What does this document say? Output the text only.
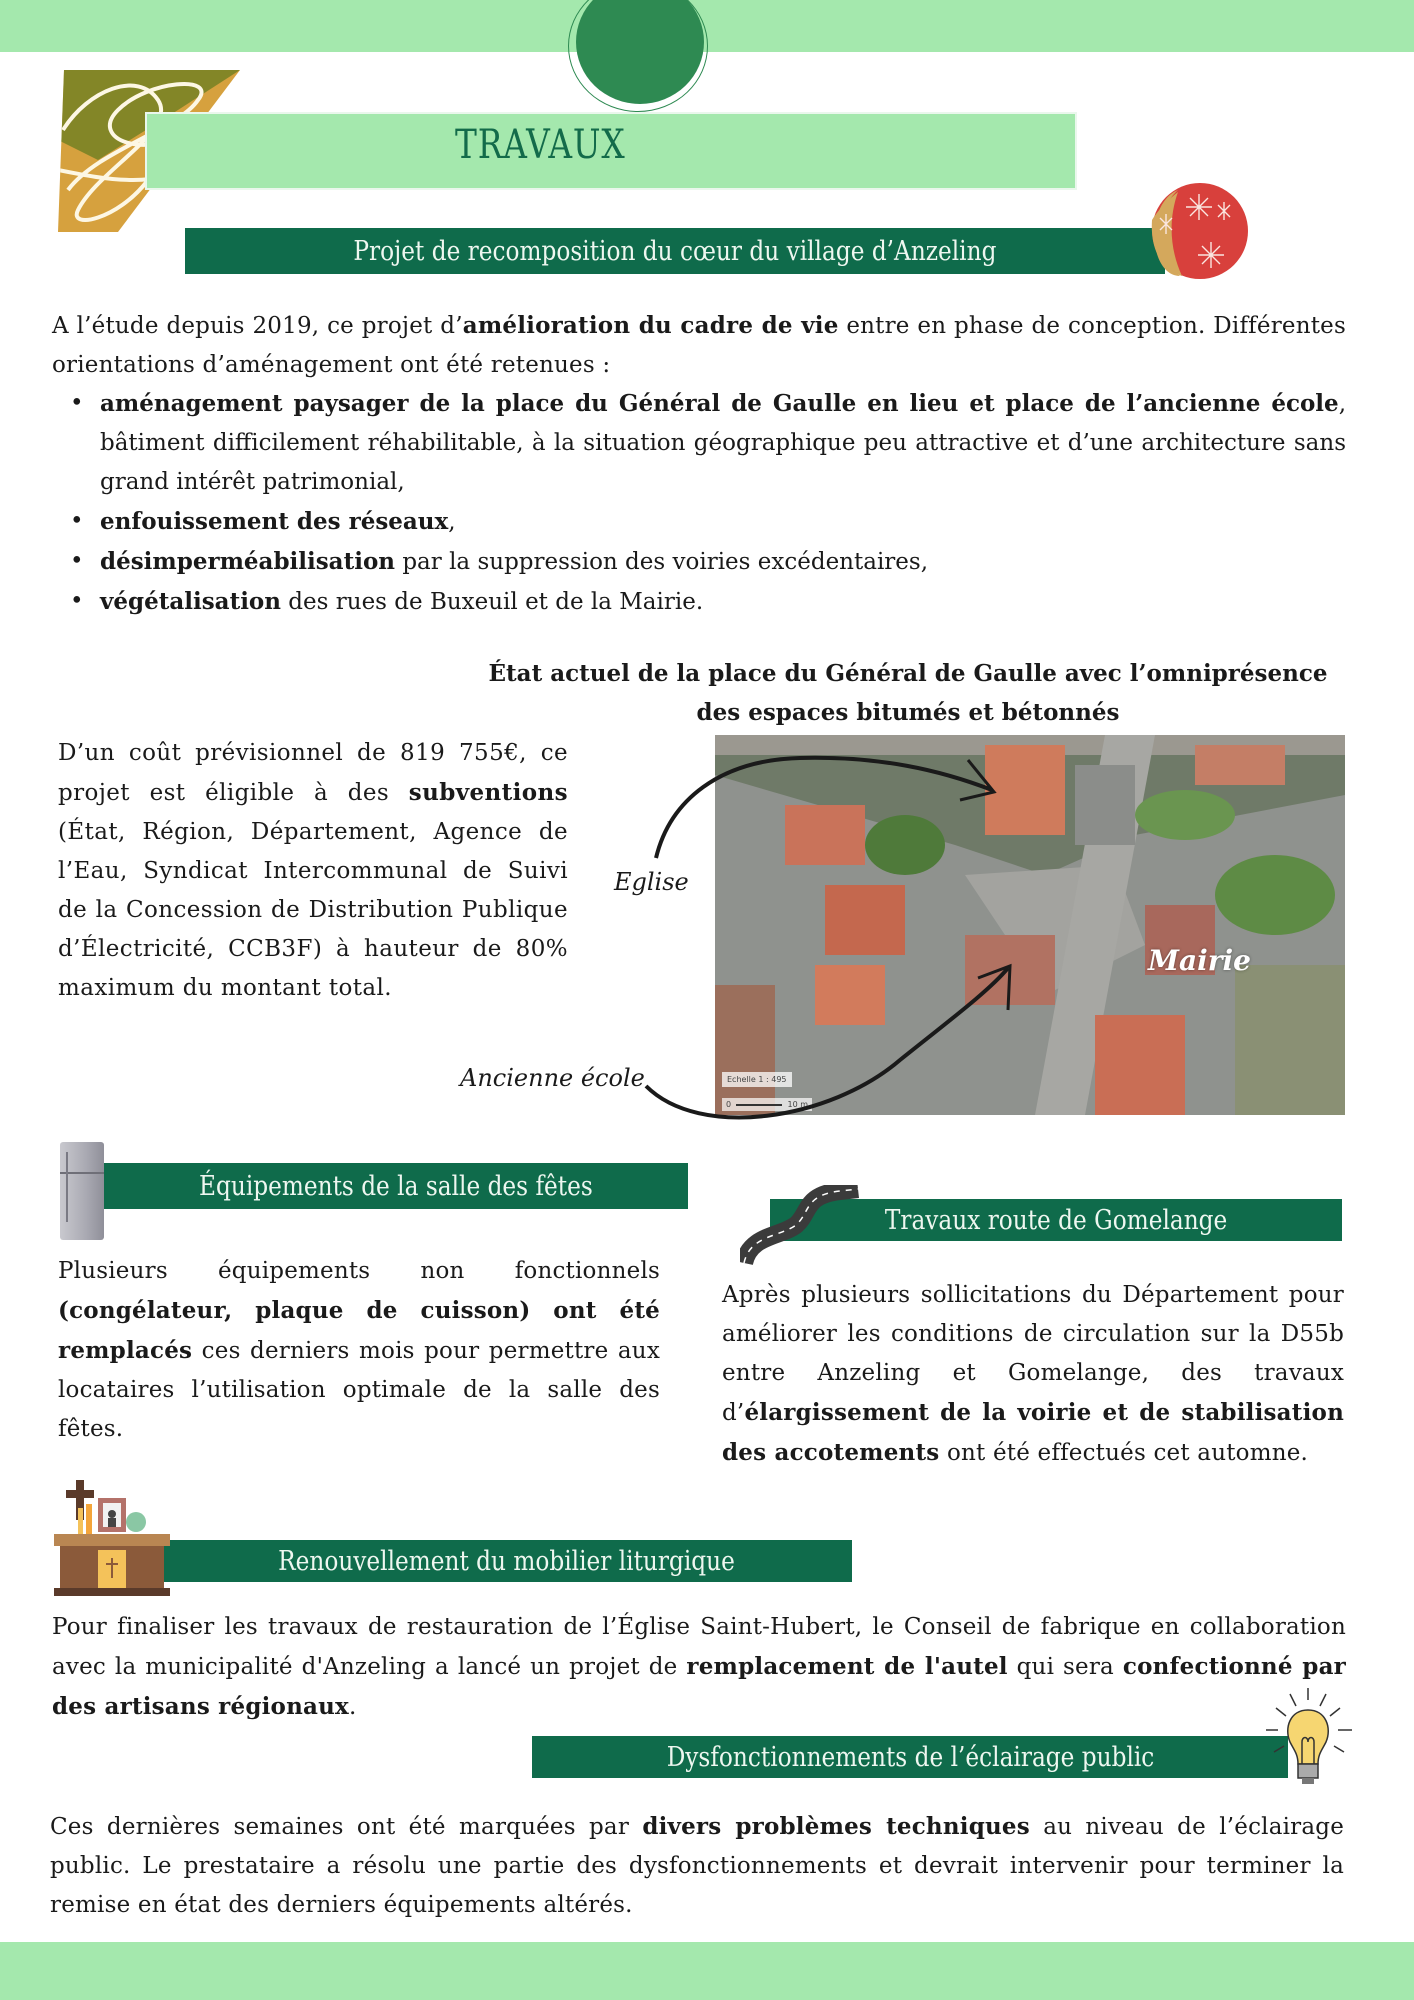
TRAVAUX
Projet de recomposition du cœur du village d’Anzeling

A l’étude depuis 2019, ce projet d’amélioration du cadre de vie entre en phase de conception. Différentes orientations d’aménagement ont été retenues :

• aménagement paysager de la place du Général de Gaulle en lieu et place de l’ancienne école, bâtiment difficilement réhabilitable, à la situation géographique peu attractive et d’une architecture sans grand intérêt patrimonial,
• enfouissement des réseaux,
• désimperméabilisation par la suppression des voiries excédentaires,
• végétalisation des rues de Buxeuil et de la Mairie.
État actuel de la place du Général de Gaulle avec l’omniprésence des espaces bitumés et bétonnés

D’un coût prévisionnel de 819 755€, ce projet est éligible à des subventions (État, Région, Département, Agence de l’Eau, Syndicat Intercommunal de Suivi de la Concession de Distribution Publique d’Électricité, CCB3F) à hauteur de 80% maximum du montant total.

Echelle 1 : 495
0	10 m
Mairie
Eglise
Ancienne école
Équipements de la salle des fêtes

Plusieurs équipements non fonctionnels (congélateur, plaque de cuisson) ont été remplacés ces derniers mois pour permettre aux locataires l’utilisation optimale de la salle des fêtes.

Travaux route de Gomelange

Après plusieurs sollicitations du Département pour améliorer les conditions de circulation sur la D55b entre Anzeling et Gomelange, des travaux d’élargissement de la voirie et de stabilisation des accotements ont été effectués cet automne.

Renouvellement du mobilier liturgique

Pour finaliser les travaux de restauration de l’Église Saint-Hubert, le Conseil de fabrique en collaboration avec la municipalité d'Anzeling a lancé un projet de remplacement de l'autel qui sera confectionné par des artisans régionaux.

Dysfonctionnements de l’éclairage public

Ces dernières semaines ont été marquées par divers problèmes techniques au niveau de l’éclairage public. Le prestataire a résolu une partie des dysfonctionnements et devrait intervenir pour terminer la remise en état des derniers équipements altérés.
